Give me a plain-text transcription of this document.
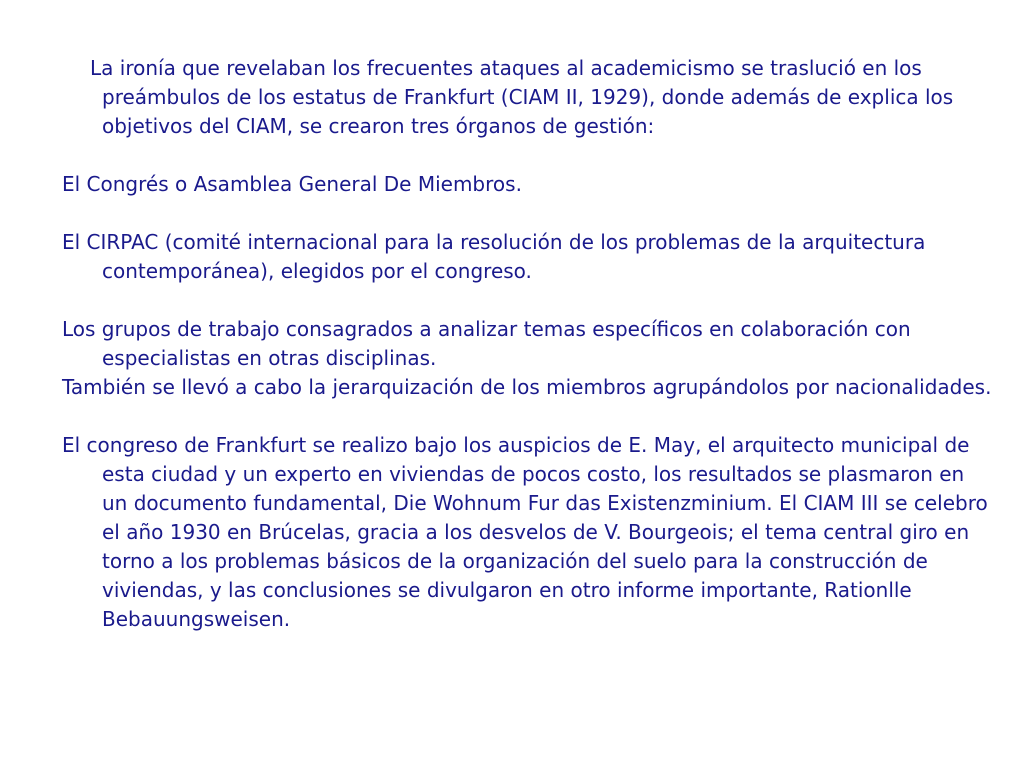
La ironía que revelaban los frecuentes ataques al academicismo se traslució en los preámbulos de los estatus de Frankfurt (CIAM II, 1929), donde además de explica los objetivos del CIAM, se crearon tres órganos de gestión:

El Congrés o Asamblea General De Miembros.

El CIRPAC (comité internacional para la resolución de los problemas de la arquitectura contemporánea), elegidos por el congreso.

Los grupos de trabajo consagrados a analizar temas específicos en colaboración con especialistas en otras disciplinas.

También se llevó a cabo la jerarquización de los miembros agrupándolos por nacionalidades.

El congreso de Frankfurt se realizo bajo los auspicios de E. May, el arquitecto municipal de esta ciudad y un experto en viviendas de pocos costo, los resultados se plasmaron en un documento fundamental, Die Wohnum Fur das Existenzminium. El CIAM III se celebro el año 1930 en Brúcelas, gracia a los desvelos de V. Bourgeois; el tema central giro en torno a los problemas básicos de la organización del suelo para la construcción de viviendas, y las conclusiones se divulgaron en otro informe importante, Rationlle Bebauungsweisen.
